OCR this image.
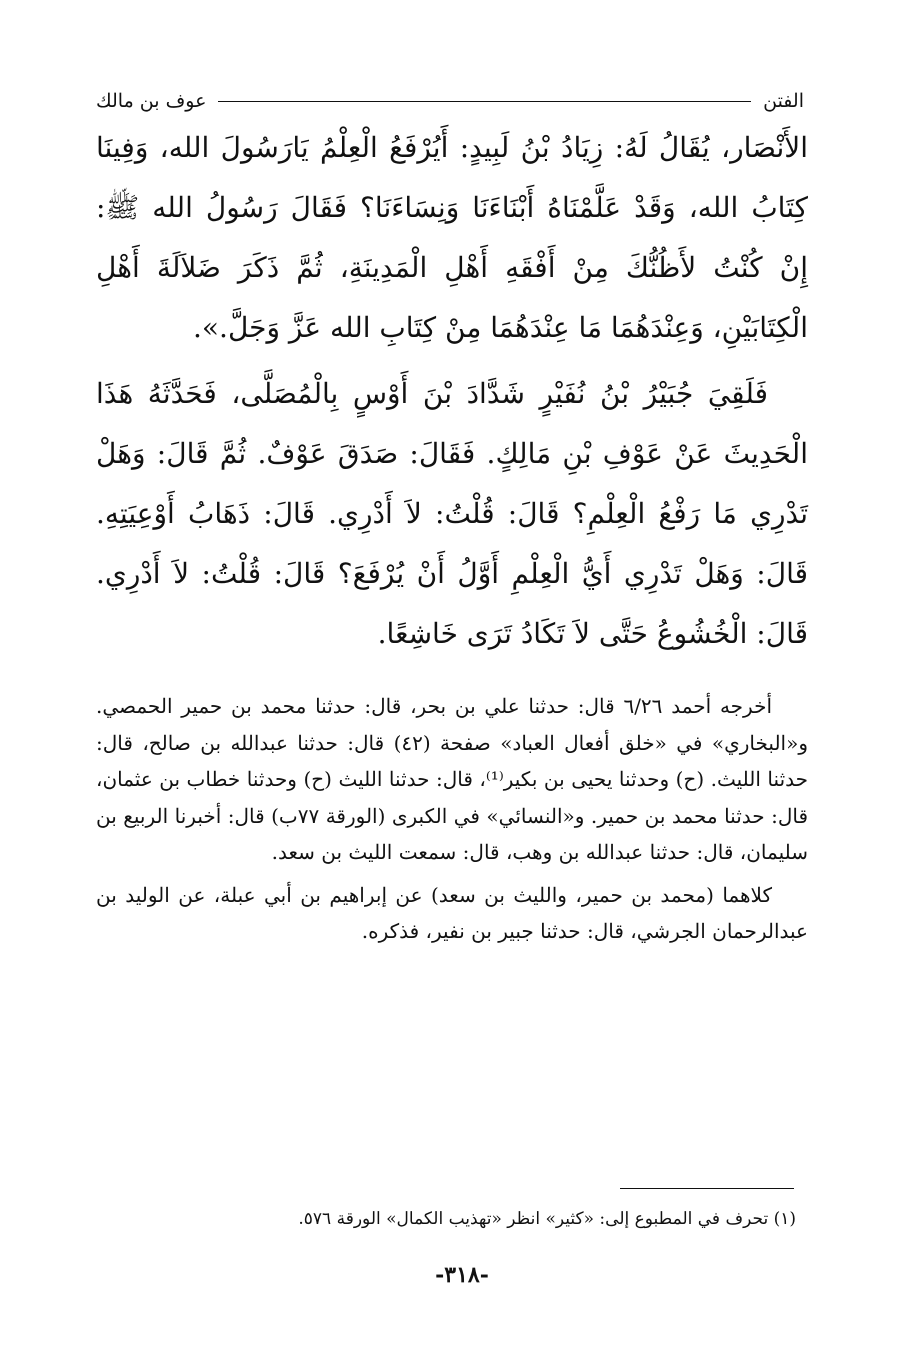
الفتن
عوف بن مالك

الأَنْصَار، يُقَالُ لَهُ: زِيَادُ بْنُ لَبِيدٍ: أَيُرْفَعُ الْعِلْمُ يَارَسُولَ الله، وَفِينَا كِتَابُ الله، وَقَدْ عَلَّمْنَاهُ أَبْنَاءَنَا وَنِسَاءَنَا؟ فَقَالَ رَسُولُ الله ﷺ: إِنْ كُنْتُ لأَظُنُّكَ مِنْ أَفْقَهِ أَهْلِ الْمَدِينَةِ، ثُمَّ ذَكَرَ ضَلاَلَةَ أَهْلِ الْكِتَابَيْنِ، وَعِنْدَهُمَا مَا عِنْدَهُمَا مِنْ كِتَابِ الله عَزَّ وَجَلَّ.».

فَلَقِيَ جُبَيْرُ بْنُ نُفَيْرٍ شَدَّادَ بْنَ أَوْسٍ بِالْمُصَلَّى، فَحَدَّثَهُ هَذَا الْحَدِيثَ عَنْ عَوْفِ بْنِ مَالِكٍ. فَقَالَ: صَدَقَ عَوْفٌ. ثُمَّ قَالَ: وَهَلْ تَدْرِي مَا رَفْعُ الْعِلْمِ؟ قَالَ: قُلْتُ: لاَ أَدْرِي. قَالَ: ذَهَابُ أَوْعِيَتِهِ. قَالَ: وَهَلْ تَدْرِي أَيُّ الْعِلْمِ أَوَّلُ أَنْ يُرْفَعَ؟ قَالَ: قُلْتُ: لاَ أَدْرِي. قَالَ: الْخُشُوعُ حَتَّى لاَ تَكَادُ تَرَى خَاشِعًا.

أخرجه أحمد ٦/٢٦ قال: حدثنا علي بن بحر، قال: حدثنا محمد بن حمير الحمصي. و«البخاري» في «خلق أفعال العباد» صفحة (٤٢) قال: حدثنا عبدالله بن صالح، قال: حدثنا الليث. (ح) وحدثنا يحيى بن بكير⁽¹⁾، قال: حدثنا الليث (ح) وحدثنا خطاب بن عثمان، قال: حدثنا محمد بن حمير. و«النسائي» في الكبرى (الورقة ٧٧ب) قال: أخبرنا الربيع بن سليمان، قال: حدثنا عبدالله بن وهب، قال: سمعت الليث بن سعد.

كلاهما (محمد بن حمير، والليث بن سعد) عن إبراهيم بن أبي عبلة، عن الوليد بن عبدالرحمان الجرشي، قال: حدثنا جبير بن نفير، فذكره.

(١) تحرف في المطبوع إلى: «كثير» انظر «تهذيب الكمال» الورقة ٥٧٦.
-٣١٨-
